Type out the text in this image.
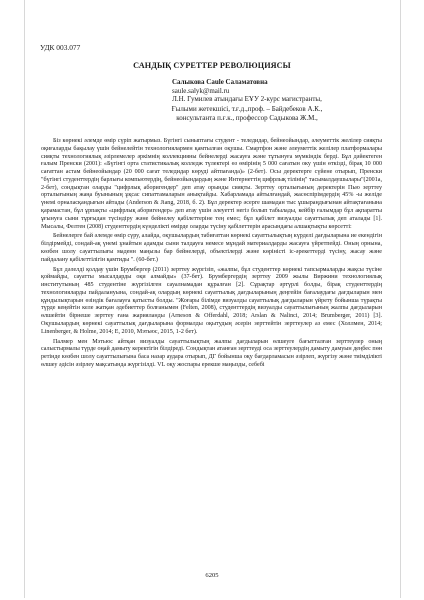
УДК 003.077
САНДЫҚ СУРЕТТЕР РЕВОЛЮЦИЯСЫ
Салыкова Саule Саламатовна
saule.salyk@mail.ru
Л.Н. Гумилев атындағы ЕҰУ 2-курс магистранты,
Ғылыми жетекшісі, т.ғ.д.,проф. – Байдебеков А.К.,
консультанта п.ғ.к., профессор Садыкова Ж.М.,

Біз көрнекі әлемде өмір сүріп жатырмыз. Бүгінгі сыныптағы студент - теледидар, бейнеойындар, әлеуметтік желілер сияқты оқиғаларды бақылау үшін бейнелейтін технологиялармен қамтылған оқушы. Смартфон және әлеуметтік желілер платформалары сияқты технологиялық әзірлемелер әркімнің коллекцияны бейнелерді жасауға және тұтынуға мүмкіндік берді. Бұл дәйектеген ғалым Пренски (2001): «Бүгінгі орта статистикалық колледж түлектері өз өмірінің 5 000 сағатын оку үшін өткізді, бірақ 10 000 сағаттан астам бейнеойындар (20 000 сағат теледидар көруді айтпағанда)» (2-бет). Осы деректерге сүйене отырып, Пренски "бүгінгі студенттердің барлығы компьютердің, бейнеойындардың және Интернеттің цифрлық тілінің" тасымалдаушылары"(2001а, 2-бет), сондықтан оларды "цифрлық аборигендер" деп атау орынды сияқты. Зерттеу орталығының деректерін Пью зерттеу орталығының жаңа буынының ұқсас сипаттамаларын анықтайды. Хабарламада айтылғандай, жасөспірімдердің 45% -ы желіде үнемі орналасқандығын айтады (Anderson & Jiang, 2018, б. 2). Бұл деректер әсерге шамадан тыс ұшыраңдығынан айтақтағанына қарамастан, бұл ұрпақты «цифрлық аборигендер» деп атау үшін әлеуетті негіз болып табылады, кейбір ғалымдар бұл ақпаратты ұғынуға сыни тұрғыдан түсіндіру және бейнелеу қабілеттеріне тең емес; бұл қабілет визуалды сауаттылық деп аталады [1]. Мысалы, Фелтен (2008) студенттердің күнделікті өмірде оларды түсіну қабілеттерін арасындағы алшақтықты көрсетті:

Бейнелерге бай әлемде өмір сүру, алайда, оқушылардың табиғаттан көрнекі сауаттылықтың күрделі дағдыларына ие екендігін білдірмейді, сондай-ақ үнемі ұнайтын адамды сыни талдауға немесе мұндай материалдарды жасауға үйретпейді. Оның орнына, көзбен шолу сауаттылығы маденн маңызы бар бейнелерді, объектілерді және көріністі іс-әрекеттерді түсіну, жасау және пайдалану қабілеттілігін қамтиды ". (60-бет.)

Бұл дәлелді қолдау үшін Брумбергер (2011) зерттеу жүргізіп, «жалпы, бұл студенттер көрнекі тапсырмаларды жақсы түсіне қоймайды, сауатты мысалдарды оқи алмайды» (37-бет). Брумбергердің зерттеу 2009 жылы Виржини технологиялық институтының 485 студентіне жүргізілген сауалнамадан құралған [2]. Сұрақтар әртүрлі болды, бірақ студенттердің технологияларды пайдалануына, сондай-ақ олардың көрнекі сауаттылық дағдыларының деңгейін бағалаудағы дағдыларын мен құндылықтарын өзіндік бағалауға қатысты болды. "Жоғары білімде визуалды сауаттылық дағдыларын үйрету бойынша түрақты түрде кеңейтін келе жатқан әдебиеттер болғанымен (Felten, 2008), студенттердің визуалды сауаттылығының жалпы дағдыларын өлшейтін бірнеше зерттеу ғана жарияланды (Arneson & Offerdahl, 2018; Arslan & Nalinci, 2014; Brumberger, 2011) [3]. Оқушылардың көрнекі сауаттылық дағдыларына формалды оқытудың әсерін зерттейтін зерттеулер аз емес (Холлмен, 2014; Linenberger, & Holme, 2014; E, 2010, Мэтьюс, 2015, 1-2 бет).

Палмер мен Мэтьюс айтқан визуалды сауаттылықтың жалпы дағдыларын өлшеуге бағытталған зерттеулер оның салыстырмалы түрде оңай дамыту керектігін білдіреді. Сондықтан атанған зерттеуді оса зерттеулердің дамыту дамуын деңбес пөн ретінде көзбен шолу сауаттылығына баса назар аудара отырып, ДГ бойынша оқу бағдарламасын әзірлеп, жүргізу және тиімділікті өлшеу әдісін әзірлеу мақсатында жүргізілді. VL оқу жоспары ерекше маңызды, себебі

6205
